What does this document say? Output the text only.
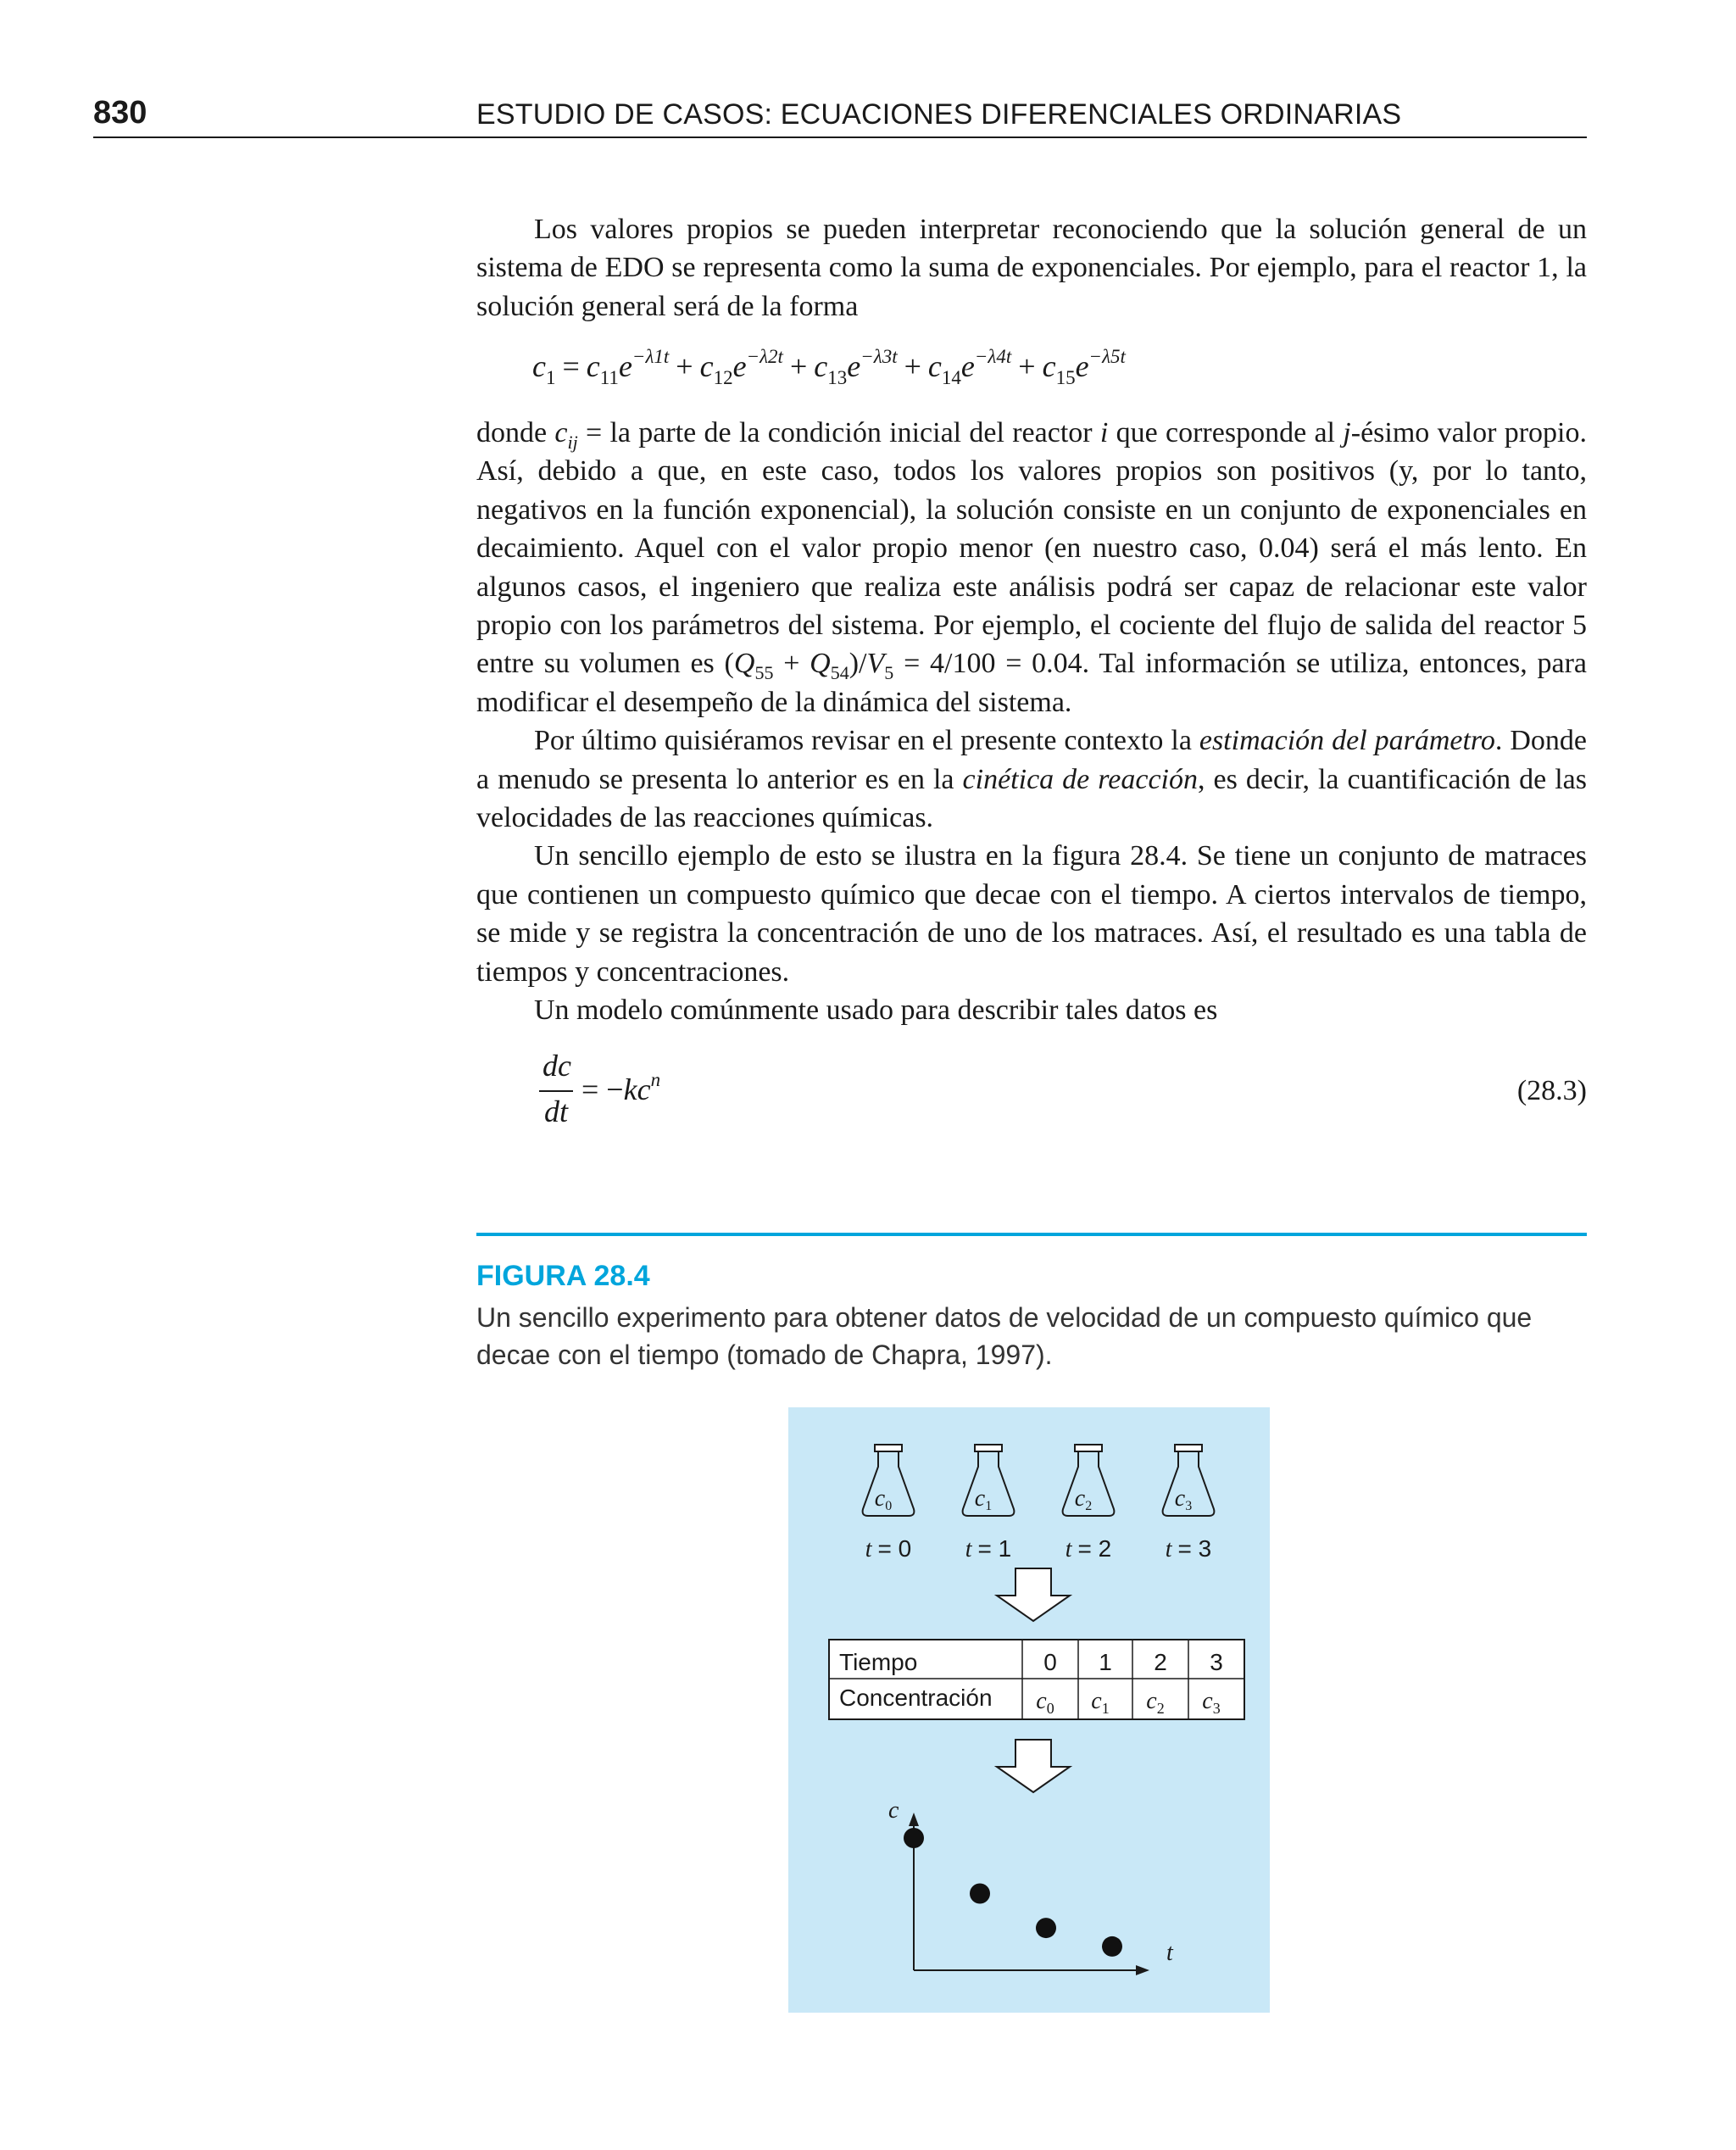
830	ESTUDIO DE CASOS: ECUACIONES DIFERENCIALES ORDINARIAS

Los valores propios se pueden interpretar reconociendo que la solución general de un sistema de EDO se representa como la suma de exponenciales. Por ejemplo, para el reactor 1, la solución general será de la forma

$c_1 = c_{11}e^{-\lambda 1t} + c_{12}e^{-\lambda 2t} + c_{13}e^{-\lambda 3t} + c_{14}e^{-\lambda 4t} + c_{15}e^{-\lambda 5t}$

donde $c_{ij}$ = la parte de la condición inicial del reactor i que corresponde al j-ésimo valor propio. Así, debido a que, en este caso, todos los valores propios son positivos (y, por lo tanto, negativos en la función exponencial), la solución consiste en un conjunto de exponenciales en decaimiento. Aquel con el valor propio menor (en nuestro caso, 0.04) será el más lento. En algunos casos, el ingeniero que realiza este análisis podrá ser capaz de relacionar este valor propio con los parámetros del sistema. Por ejemplo, el cociente del flujo de salida del reactor 5 entre su volumen es $(Q_{55} + Q_{54})/V_5 = 4/100 = 0.04$. Tal información se utiliza, entonces, para modificar el desempeño de la dinámica del sistema.

Por último quisiéramos revisar en el presente contexto la estimación del parámetro. Donde a menudo se presenta lo anterior es en la cinética de reacción, es decir, la cuantificación de las velocidades de las reacciones químicas.

Un sencillo ejemplo de esto se ilustra en la figura 28.4. Se tiene un conjunto de matraces que contienen un compuesto químico que decae con el tiempo. A ciertos intervalos de tiempo, se mide y se registra la concentración de uno de los matraces. Así, el resultado es una tabla de tiempos y concentraciones.

Un modelo comúnmente usado para describir tales datos es

dc
dt
= $-kc^n$	(28.3)
FIGURA 28.4
Un sencillo experimento para obtener datos de velocidad de un compuesto químico que decae con el tiempo (tomado de Chapra, 1997).
c0
t = 0
c1
t = 1
c2
t = 2
c3
t = 3
Tiempo
Concentración
0 1 2 3
$c_0$ $c_1$ $c_2$ $c_3$
c
t
